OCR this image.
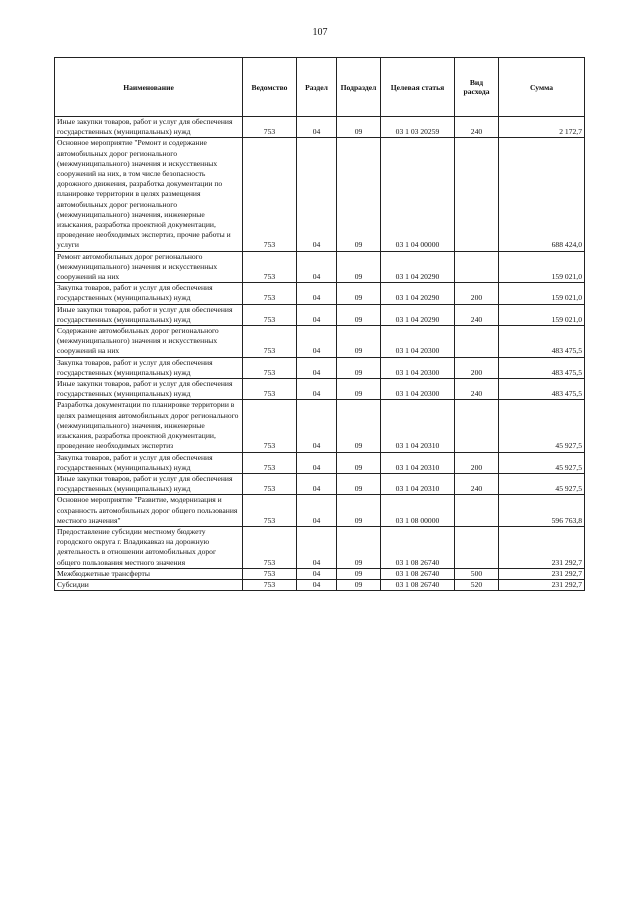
107
Наименование	Ведомство	Раздел	Подраздел	Целевая статья	Вид расхода	Сумма
Иные закупки товаров, работ и услуг для обеспечения государственных (муниципальных) нужд	753	04	09	03 1 03 20259	240	2 172,7
Основное мероприятие "Ремонт и содержание автомобильных дорог регионального (межмуниципального) значения и искусственных сооружений на них, в том числе безопасность дорожного движения, разработка документации по планировке территории в целях размещения автомобильных дорог регионального (межмуниципального) значения, инженерные изыскания, разработка проектной документации, проведение необходимых экспертиз, прочие работы и услуги	753	04	09	03 1 04 00000		688 424,0
Ремонт автомобильных дорог регионального (межмуниципального) значения и искусственных сооружений на них	753	04	09	03 1 04 20290		159 021,0
Закупка товаров, работ и услуг для обеспечения государственных (муниципальных) нужд	753	04	09	03 1 04 20290	200	159 021,0
Иные закупки товаров, работ и услуг для обеспечения государственных (муниципальных) нужд	753	04	09	03 1 04 20290	240	159 021,0
Содержание автомобильных дорог регионального (межмуниципального) значения и искусственных сооружений на них	753	04	09	03 1 04 20300		483 475,5
Закупка товаров, работ и услуг для обеспечения государственных (муниципальных) нужд	753	04	09	03 1 04 20300	200	483 475,5
Иные закупки товаров, работ и услуг для обеспечения государственных (муниципальных) нужд	753	04	09	03 1 04 20300	240	483 475,5
Разработка документации по планировке территории в целях размещения автомобильных дорог регионального (межмуниципального) значения, инженерные изыскания, разработка проектной документации, проведение необходимых экспертиз	753	04	09	03 1 04 20310		45 927,5
Закупка товаров, работ и услуг для обеспечения государственных (муниципальных) нужд	753	04	09	03 1 04 20310	200	45 927,5
Иные закупки товаров, работ и услуг для обеспечения государственных (муниципальных) нужд	753	04	09	03 1 04 20310	240	45 927,5
Основное мероприятие "Развитие, модернизация и сохранность автомобильных дорог общего пользования местного значения"	753	04	09	03 1 08 00000		596 763,8
Предоставление субсидии местному бюджету городского округа г. Владикавказ на дорожную деятельность в отношении автомобильных дорог общего пользования местного значения	753	04	09	03 1 08 26740		231 292,7
Межбюджетные трансферты	753	04	09	03 1 08 26740	500	231 292,7
Субсидии	753	04	09	03 1 08 26740	520	231 292,7
